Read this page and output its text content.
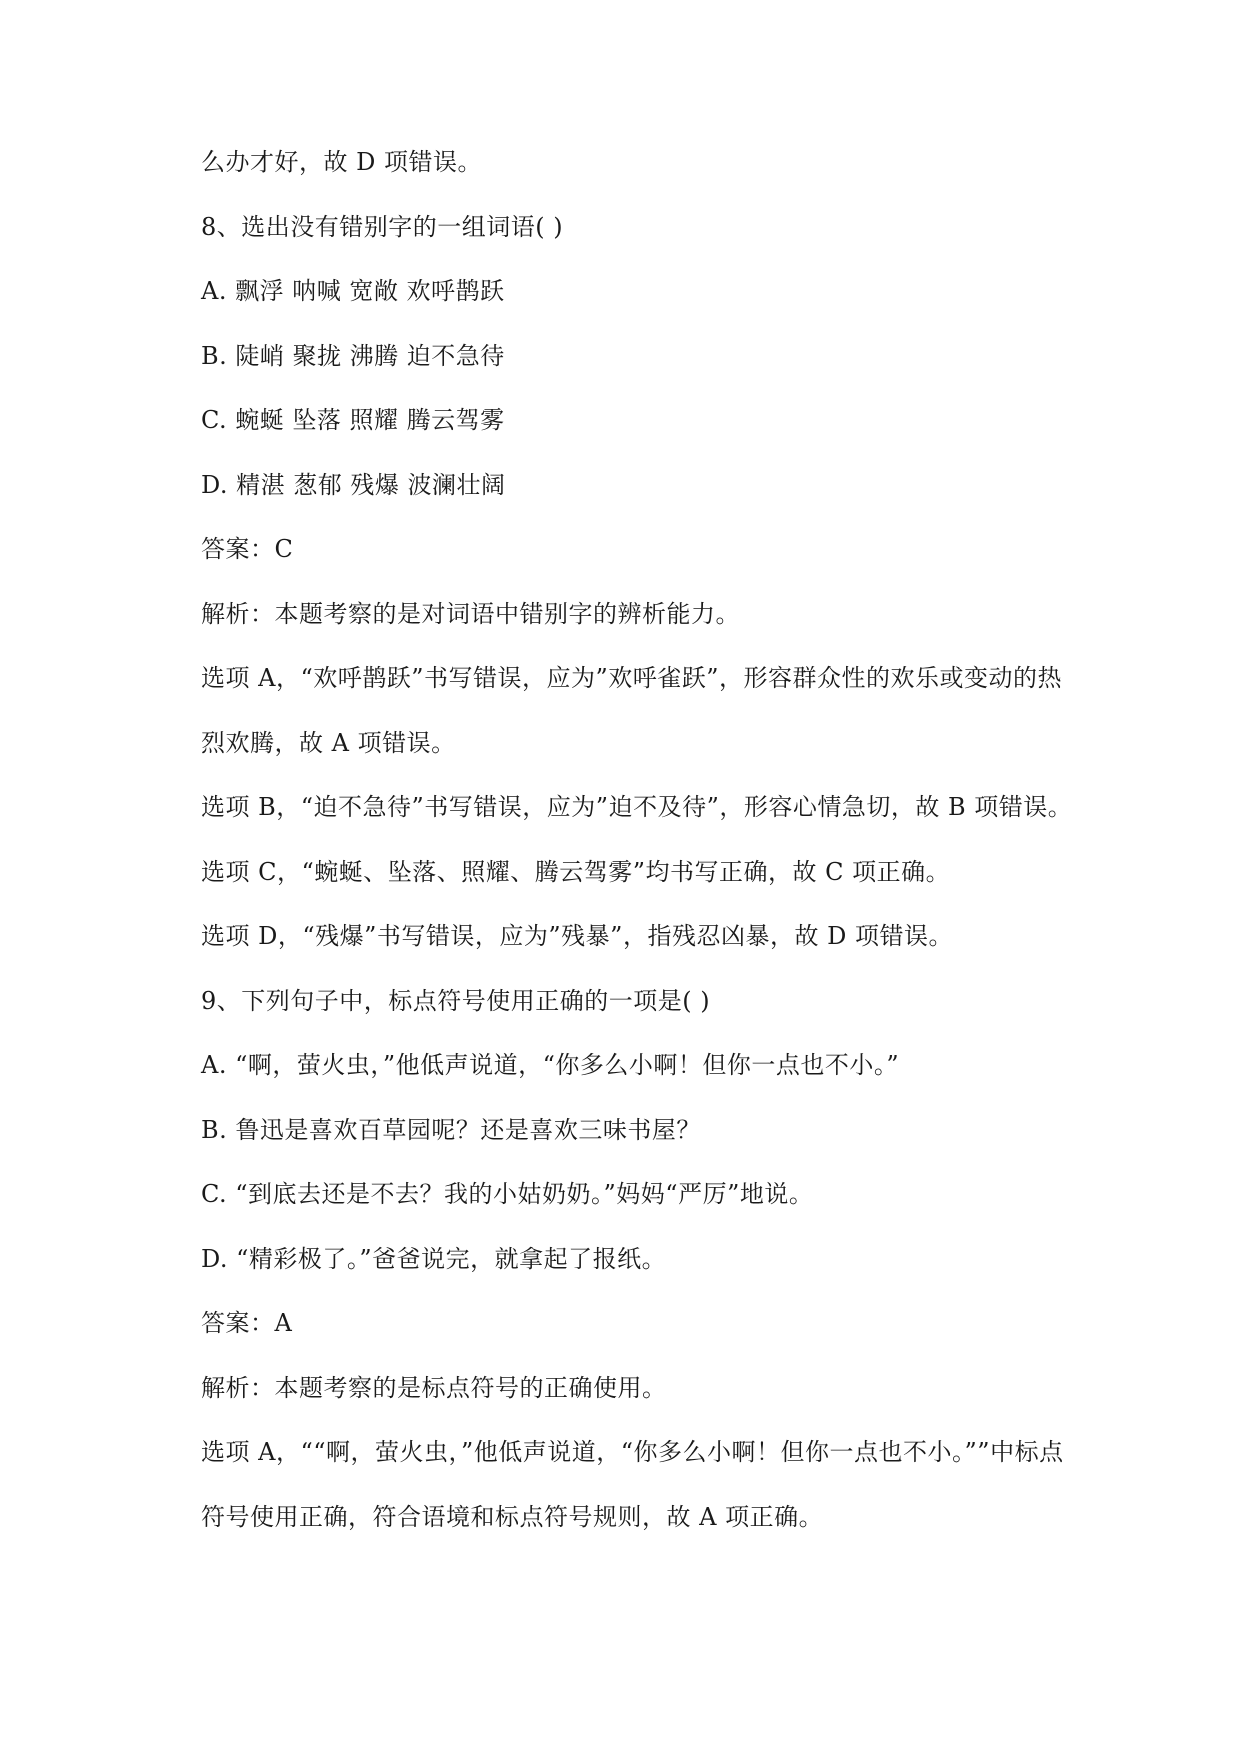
么办才好，故 D 项错误。
8、选出没有错别字的一组词语( )
A. 飘浮 呐喊 宽敞 欢呼鹊跃
B. 陡峭 聚拢 沸腾 迫不急待
C. 蜿蜒 坠落 照耀 腾云驾雾
D. 精湛 葱郁 残爆 波澜壮阔
答案：C
解析：本题考察的是对词语中错别字的辨析能力。
选项 A，“欢呼鹊跃”书写错误，应为”欢呼雀跃”，形容群众性的欢乐或变动的热
烈欢腾，故 A 项错误。
选项 B，“迫不急待”书写错误，应为”迫不及待”，形容心情急切，故 B 项错误。
选项 C，“蜿蜒、坠落、照耀、腾云驾雾”均书写正确，故 C 项正确。
选项 D，“残爆”书写错误，应为”残暴”，指残忍凶暴，故 D 项错误。
9、下列句子中，标点符号使用正确的一项是( )
A. “啊，萤火虫，”他低声说道，“你多么小啊！但你一点也不小。”
B. 鲁迅是喜欢百草园呢？还是喜欢三味书屋？
C. “到底去还是不去？我的小姑奶奶。”妈妈“严厉”地说。
D. “精彩极了。”爸爸说完，就拿起了报纸。
答案：A
解析：本题考察的是标点符号的正确使用。
选项 A，““啊，萤火虫，”他低声说道，“你多么小啊！但你一点也不小。””中标点
符号使用正确，符合语境和标点符号规则，故 A 项正确。
